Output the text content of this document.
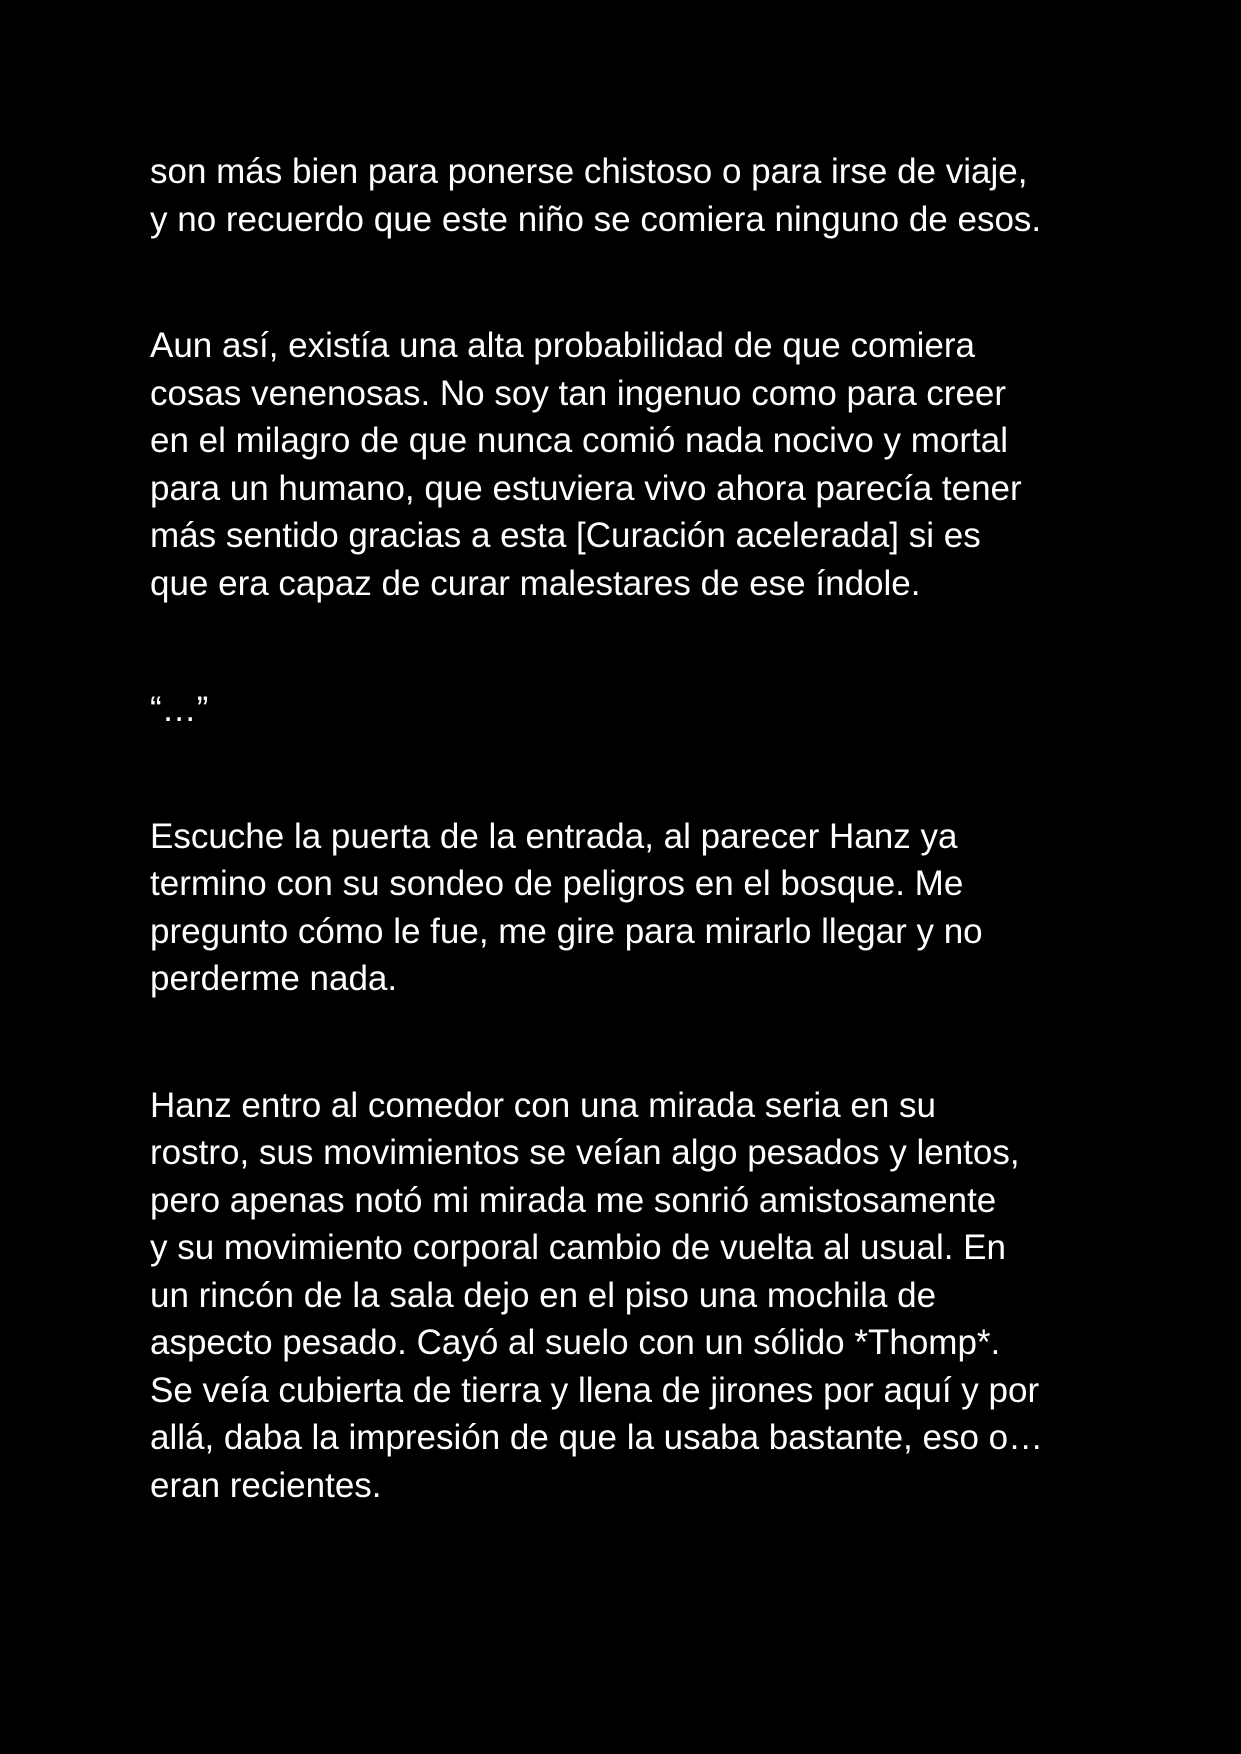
son más bien para ponerse chistoso o para irse de viaje,
y no recuerdo que este niño se comiera ninguno de esos.

Aun así, existía una alta probabilidad de que comiera
cosas venenosas. No soy tan ingenuo como para creer
en el milagro de que nunca comió nada nocivo y mortal
para un humano, que estuviera vivo ahora parecía tener
más sentido gracias a esta [Curación acelerada] si es
que era capaz de curar malestares de ese índole.

“…”

Escuche la puerta de la entrada, al parecer Hanz ya
termino con su sondeo de peligros en el bosque. Me
pregunto cómo le fue, me gire para mirarlo llegar y no
perderme nada.

Hanz entro al comedor con una mirada seria en su
rostro, sus movimientos se veían algo pesados y lentos,
pero apenas notó mi mirada me sonrió amistosamente
y su movimiento corporal cambio de vuelta al usual. En
un rincón de la sala dejo en el piso una mochila de
aspecto pesado. Cayó al suelo con un sólido *Thomp*.
Se veía cubierta de tierra y llena de jirones por aquí y por
allá, daba la impresión de que la usaba bastante, eso o…
eran recientes.
